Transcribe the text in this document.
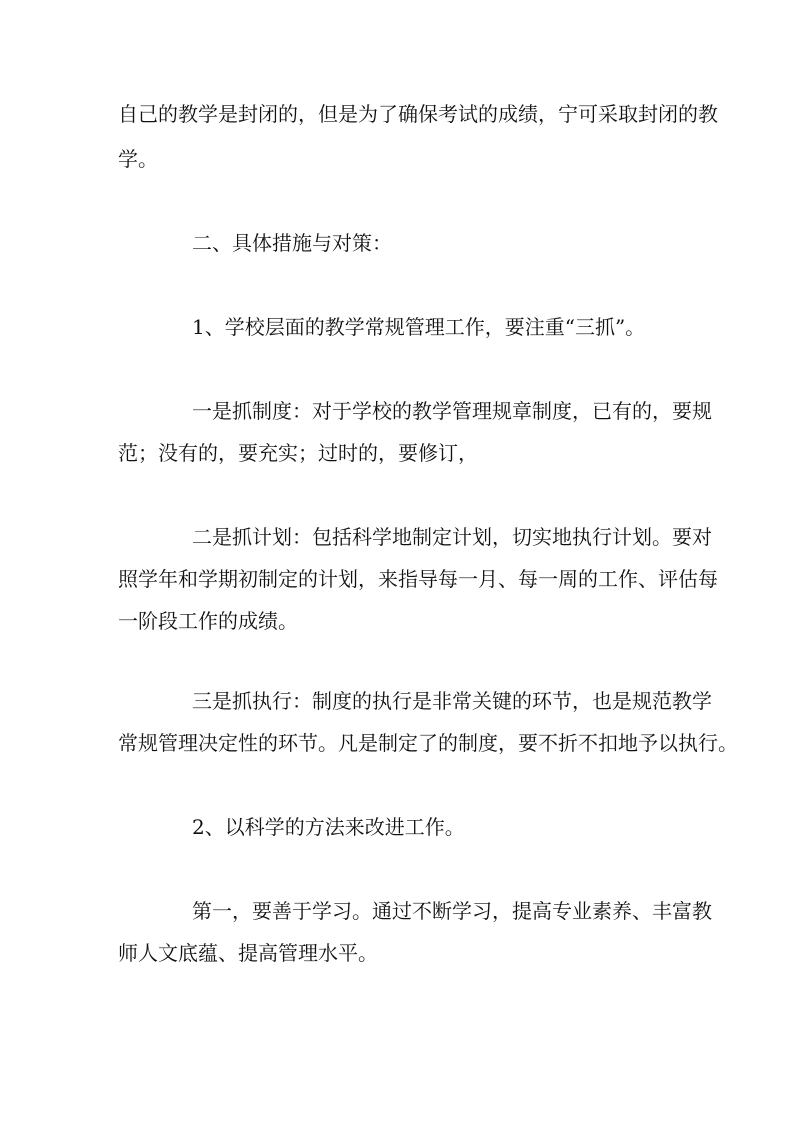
自己的教学是封闭的，但是为了确保考试的成绩，宁可采取封闭的教

学。

二、具体措施与对策：

1、学校层面的教学常规管理工作，要注重“三抓”。

一是抓制度：对于学校的教学管理规章制度，已有的，要规

范；没有的，要充实；过时的，要修订，

二是抓计划：包括科学地制定计划，切实地执行计划。要对

照学年和学期初制定的计划，来指导每一月、每一周的工作、评估每

一阶段工作的成绩。

三是抓执行：制度的执行是非常关键的环节，也是规范教学

常规管理决定性的环节。凡是制定了的制度，要不折不扣地予以执行。

2、以科学的方法来改进工作。

第一，要善于学习。通过不断学习，提高专业素养、丰富教

师人文底蕴、提高管理水平。
